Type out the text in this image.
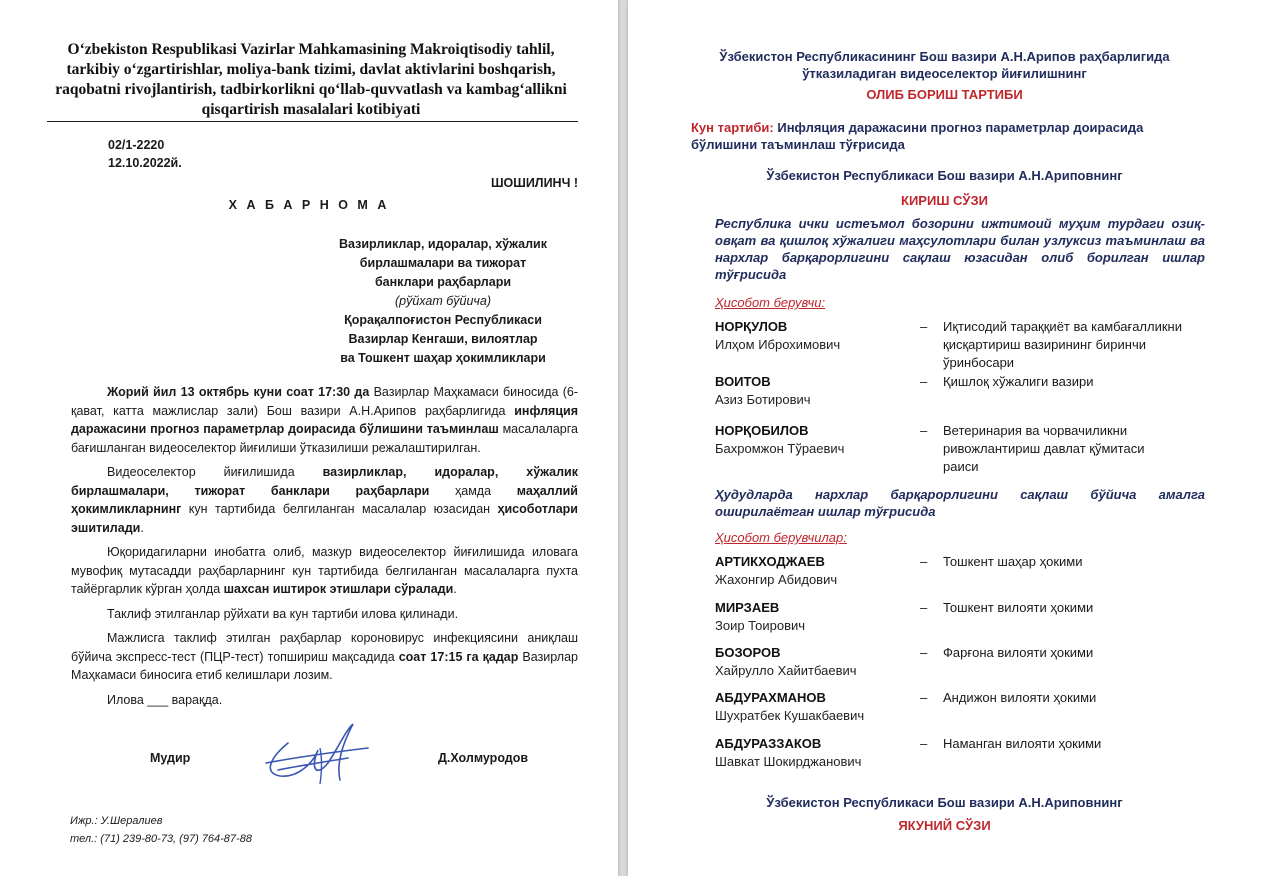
O‘zbekiston Respublikasi Vazirlar Mahkamasining Makroiqtisodiy tahlil, tarkibiy o‘zgartirishlar, moliya-bank tizimi, davlat aktivlarini boshqarish, raqobatni rivojlantirish, tadbirkorlikni qo‘llab-quvvatlash va kambag‘allikni qisqartirish masalalari kotibiyati
02/1-2220
12.10.2022й.
ШОШИЛИНЧ !
Х А Б А Р Н О М А
Вазирликлар, идоралар, хўжалик
бирлашмалари ва тижорат
банклари раҳбарлари
(рўйхат бўйича)
Қорақалпоғистон Республикаси
Вазирлар Кенгаши, вилоятлар
ва Тошкент шаҳар ҳокимликлари

Жорий йил 13 октябрь куни соат 17:30 да Вазирлар Маҳкамаси биносида (6-қават, катта мажлислар зали) Бош вазири А.Н.Арипов раҳбарлигида инфляция даражасини прогноз параметрлар доирасида бўлишини таъминлаш масалаларга бағишланган видеоселектор йиғилиши ўтказилиши режалаштирилган.

Видеоселектор йиғилишида вазирликлар, идоралар, хўжалик бирлашмалари, тижорат банклари раҳбарлари ҳамда маҳаллий ҳокимликларнинг кун тартибида белгиланган масалалар юзасидан ҳисоботлари эшитилади.

Юқоридагиларни инобатга олиб, мазкур видеоселектор йиғилишида иловага мувофиқ мутасадди раҳбарларнинг кун тартибида белгиланган масалаларга пухта тайёргарлик кўрган ҳолда шахсан иштирок этишлари сўралади.

Таклиф этилганлар рўйхати ва кун тартиби илова қилинади.

Мажлисга таклиф этилган раҳбарлар короновирус инфекциясини аниқлаш бўйича экспресс-тест (ПЦР-тест) топшириш мақсадида соат 17:15 га қадар Вазирлар Маҳкамаси биносига етиб келишлари лозим.

Илова ___ варақда.

Мудир	Д.Холмуродов
Ижр.: У.Шералиев
тел.: (71) 239-80-73, (97) 764-87-88
Ўзбекистон Республикасининг Бош вазири А.Н.Арипов раҳбарлигида ўтказиладиган видеоселектор йиғилишнинг
ОЛИБ БОРИШ ТАРТИБИ
Кун тартиби: Инфляция даражасини прогноз параметрлар доирасида бўлишини таъминлаш тўғрисида
Ўзбекистон Республикаси Бош вазири А.Н.Ариповнинг
КИРИШ СЎЗИ
Республика ички истеъмол бозорини ижтимоий муҳим турдаги озиқ-овқат ва қишлоқ хўжалиги маҳсулотлари билан узлуксиз таъминлаш ва нархлар барқарорлигини сақлаш юзасидан олиб борилган ишлар тўғрисида
Ҳисобот берувчи:
НОРҚУЛОВ
Илҳом Иброхимович
– Иқтисодий тараққиёт ва камбағалликни қисқартириш вазирининг биринчи ўринбосари
ВОИТОВ
Азиз Ботирович
– Қишлоқ хўжалиги вазири
НОРҚОБИЛОВ
Бахромжон Тўраевич
– Ветеринария ва чорвачиликни ривожлантириш давлат қўмитаси раиси
Ҳудудларда нархлар барқарорлигини сақлаш бўйича амалга оширилаётган ишлар тўғрисида
Ҳисобот берувчилар:
АРТИКХОДЖАЕВ
Жахонгир Абидович
– Тошкент шаҳар ҳокими
МИРЗАЕВ
Зоир Тоирович
– Тошкент вилояти ҳокими
БОЗОРОВ
Хайрулло Хайитбаевич
– Фарғона вилояти ҳокими
АБДУРАХМАНОВ
Шухратбек Кушакбаевич
– Андижон вилояти ҳокими
АБДУРАЗЗАКОВ
Шавкат Шокирджанович
– Наманган вилояти ҳокими
Ўзбекистон Республикаси Бош вазири А.Н.Ариповнинг
ЯКУНИЙ СЎЗИ
